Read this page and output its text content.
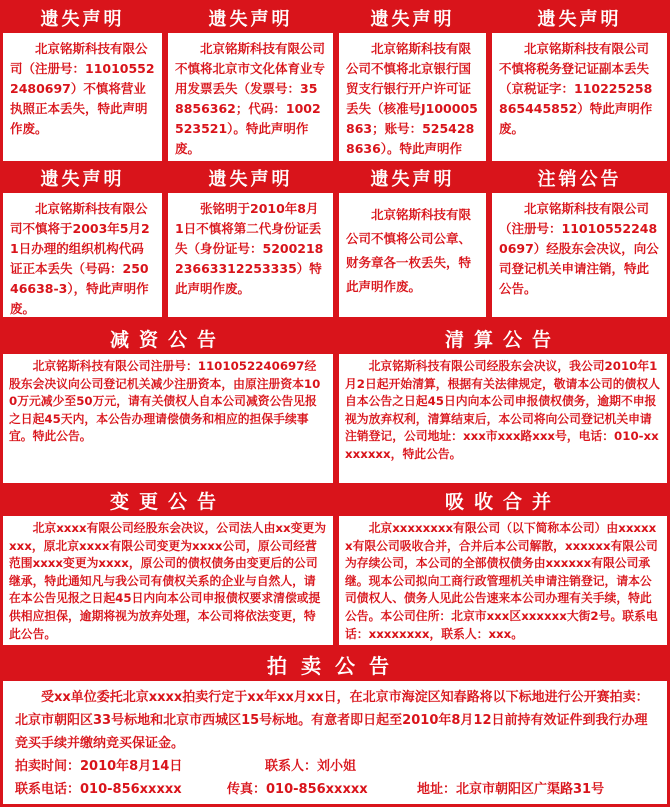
遗失声明
北京铭斯科技有限公司（注册号：110105522480697）不慎将营业执照正本丢失，特此声明作废。
遗失声明
北京铭斯科技有限公司不慎将北京市文化体育业专用发票丢失（发票号：358856362；代码：1002523521）。特此声明作废。
遗失声明
北京铭斯科技有限公司不慎将北京银行国贸支行银行开户许可证丢失（核准号J100005863；账号：5254288636）。特此声明作
遗失声明
北京铭斯科技有限公司不慎将税务登记证副本丢失（京税证字：110225258865445852）特此声明作废。
遗失声明
北京铭斯科技有限公司不慎将于2003年5月21日办理的组织机构代码证正本丢失（号码：25046638-3），特此声明作废。
遗失声明
张铭明于2010年8月1日不慎将第二代身份证丢失（身份证号：520021823663312253335）特此声明作废。
遗失声明
北京铭斯科技有限公司不慎将公司公章、财务章各一枚丢失，特此声明作废。
注销公告
北京铭斯科技有限公司（注册号：110105522480697）经股东会决议，向公司登记机关申请注销，特此公告。
减资公告
北京铭斯科技有限公司注册号：1101052240697经股东会决议向公司登记机关减少注册资本，由原注册资本100万元减少至50万元，请有关债权人自本公司减资公告见报之日起45天内，本公告办理请偿债务和相应的担保手续事宜。特此公告。
清算公告
北京铭斯科技有限公司经股东会决议，我公司2010年1月2日起开始清算，根据有关法律规定，敬请本公司的债权人自本公告之日起45日内向本公司申报债权债务，逾期不申报视为放弃权利，清算结束后，本公司将向公司登记机关申请注销登记，公司地址：xxx市xxx路xxx号，电话：010-xxxxxxxx，特此公告。
变更公告
北京xxxx有限公司经股东会决议，公司法人由xx变更为xxx，原北京xxxx有限公司变更为xxxx公司，原公司经营范围xxxx变更为xxxx，原公司的债权债务由变更后的公司继承，特此通知凡与我公司有债权关系的企业与自然人，请在本公告见报之日起45日内向本公司申报债权要求清偿或提供相应担保，逾期将视为放弃处理，本公司将依法变更，特此公告。
吸收合并
北京xxxxxxxx有限公司（以下简称本公司）由xxxxxx有限公司吸收合并，合并后本公司解散，xxxxxx有限公司为存续公司，本公司的全部债权债务由xxxxxx有限公司承继。现本公司拟向工商行政管理机关申请注销登记，请本公司债权人、债务人见此公告速来本公司办理有关手续，特此公告。本公司住所：北京市xxx区xxxxxx大街2号。联系电话：xxxxxxxx，联系人：xxx。
拍卖公告
受xx单位委托北京xxxx拍卖行定于xx年xx月xx日，在北京市海淀区知春路将以下标地进行公开赛拍卖：北京市朝阳区33号标地和北京市西城区15号标地。有意者即日起至2010年8月12日前持有效证件到我行办理竞买手续并缴纳竞买保证金。
拍卖时间：2010年8月14日	联系人：刘小姐
联系电话：010-856xxxxx	传真：010-856xxxxx	地址：北京市朝阳区广渠路31号
